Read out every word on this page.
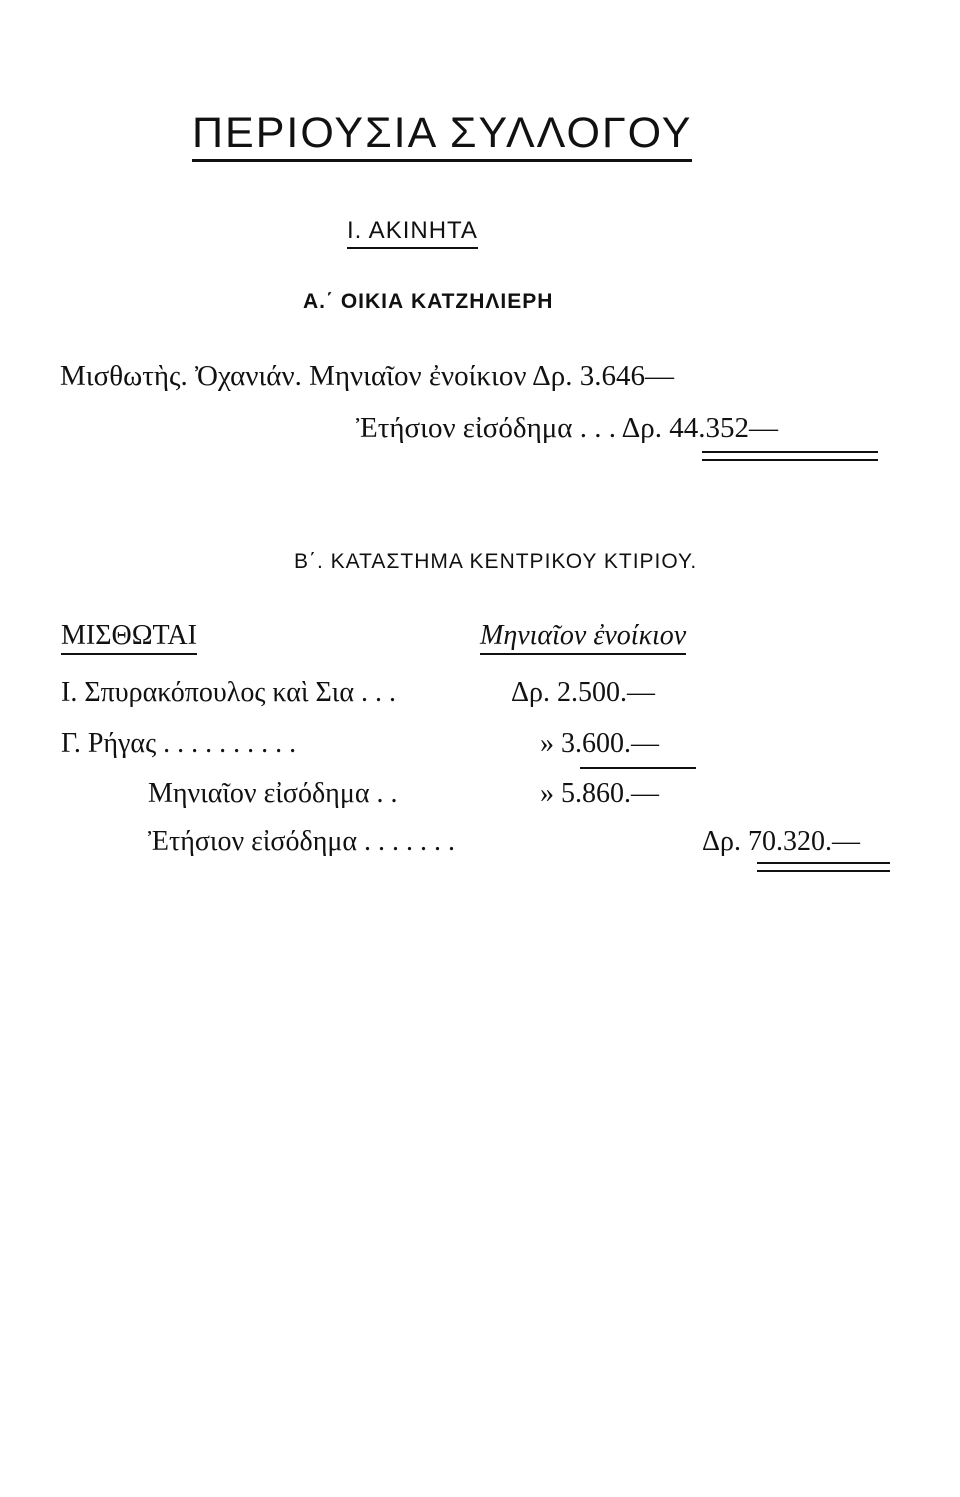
ΠΕΡΙΟΥΣΙΑ ΣΥΛΛΟΓΟΥ
Ι. ΑΚΙΝΗΤΑ
Α.΄ ΟΙΚΙΑ ΚΑΤΖΗΛΙΕΡΗ
Μισθωτὴς. Ὀχανιάν. Μηνιαῖον ἐνοίκιον Δρ. 3.646—
Ἐτήσιον εἰσόδημα . . . Δρ. 44.352—
Β΄. ΚΑΤΑΣΤΗΜΑ ΚΕΝΤΡΙΚΟΥ ΚΤΙΡΙΟΥ.
ΜΙΣΘΩΤΑΙ	Μηνιαῖον ἐνοίκιον
Ι. Σπυρακόπουλος καὶ Σια . . .	Δρ. 2.500.—
Γ. Ρήγας . . . . . . . . . .	» 3.600.—
Μηνιαῖον εἰσόδημα . .	» 5.860.—
Ἐτήσιον εἰσόδημα . . . . . . .	Δρ. 70.320.—
